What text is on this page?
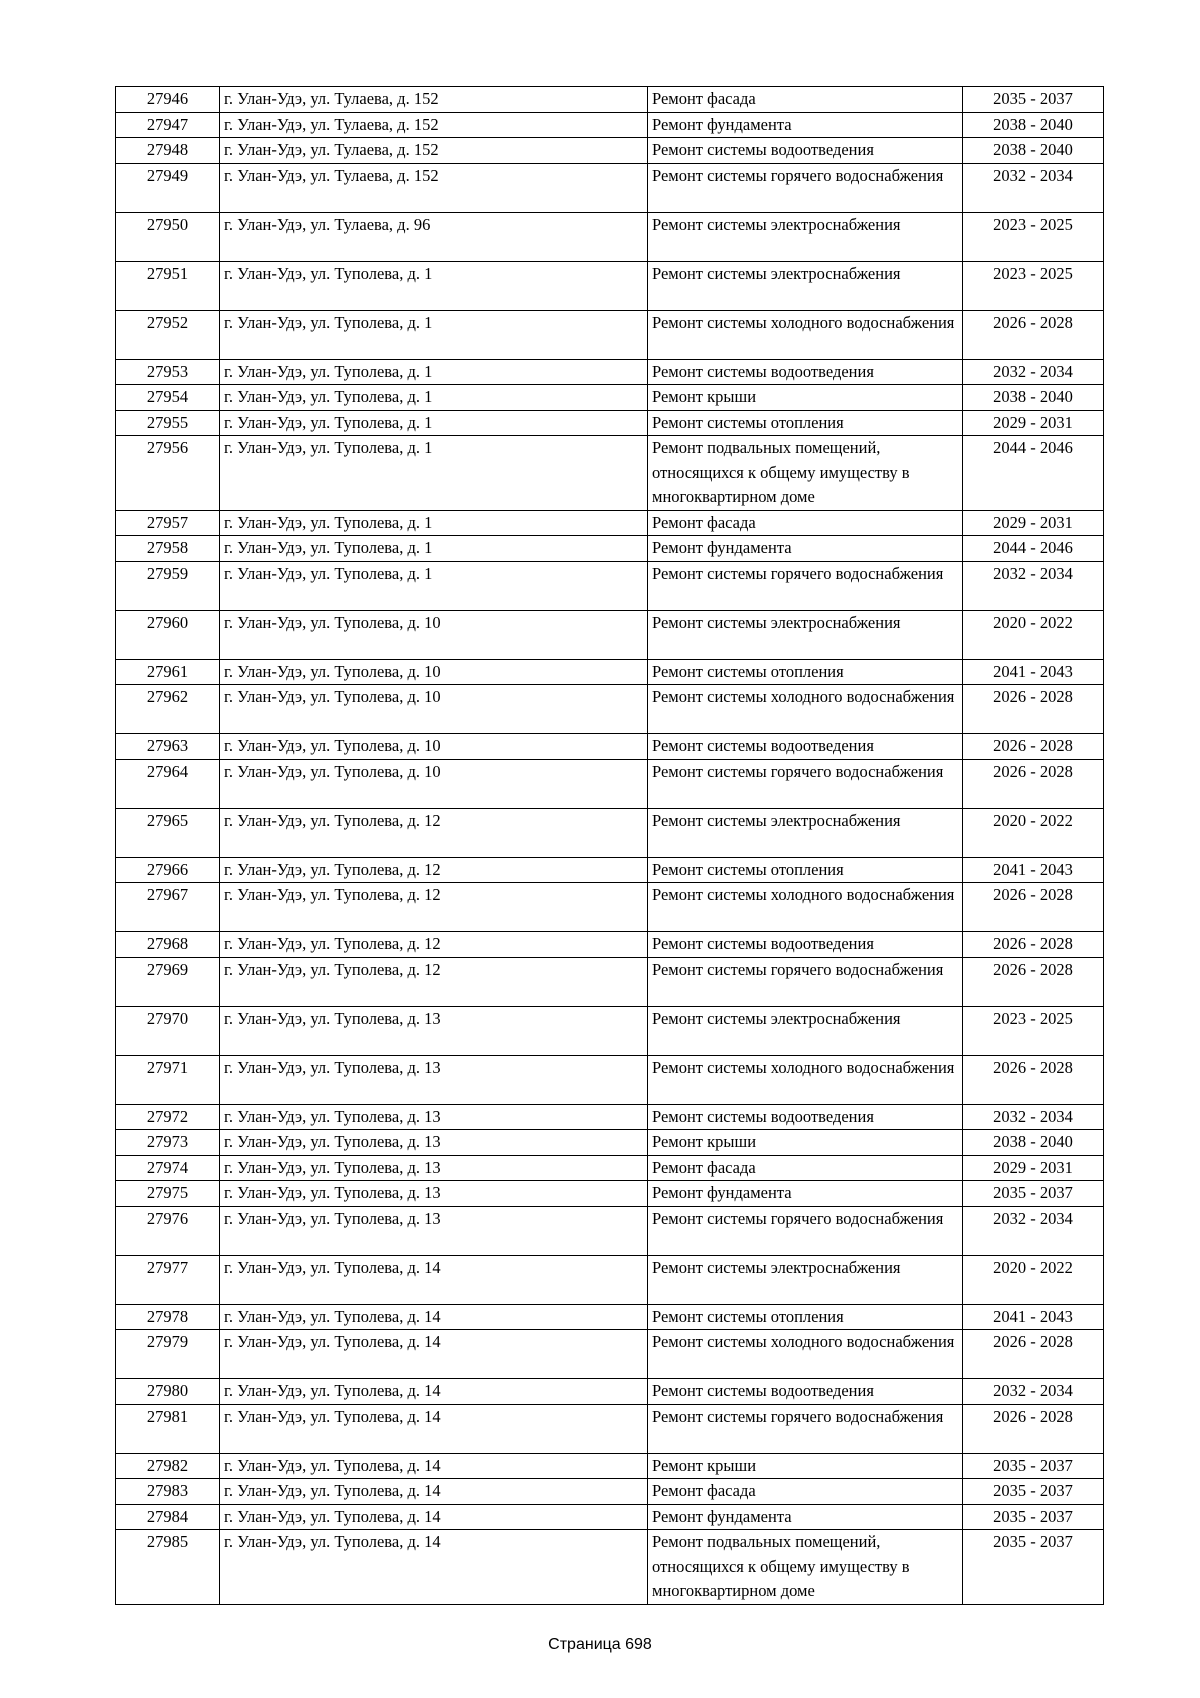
27946	г. Улан-Удэ, ул. Тулаева, д. 152	Ремонт фасада	2035 - 2037
27947	г. Улан-Удэ, ул. Тулаева, д. 152	Ремонт фундамента	2038 - 2040
27948	г. Улан-Удэ, ул. Тулаева, д. 152	Ремонт системы водоотведения	2038 - 2040
27949	г. Улан-Удэ, ул. Тулаева, д. 152	Ремонт системы горячего водоснабжения	2032 - 2034
27950	г. Улан-Удэ, ул. Тулаева, д. 96	Ремонт системы электроснабжения	2023 - 2025
27951	г. Улан-Удэ, ул. Туполева, д. 1	Ремонт системы электроснабжения	2023 - 2025
27952	г. Улан-Удэ, ул. Туполева, д. 1	Ремонт системы холодного водоснабжения	2026 - 2028
27953	г. Улан-Удэ, ул. Туполева, д. 1	Ремонт системы водоотведения	2032 - 2034
27954	г. Улан-Удэ, ул. Туполева, д. 1	Ремонт крыши	2038 - 2040
27955	г. Улан-Удэ, ул. Туполева, д. 1	Ремонт системы отопления	2029 - 2031
27956	г. Улан-Удэ, ул. Туполева, д. 1	Ремонт подвальных помещений, относящихся к общему имуществу в многоквартирном доме	2044 - 2046
27957	г. Улан-Удэ, ул. Туполева, д. 1	Ремонт фасада	2029 - 2031
27958	г. Улан-Удэ, ул. Туполева, д. 1	Ремонт фундамента	2044 - 2046
27959	г. Улан-Удэ, ул. Туполева, д. 1	Ремонт системы горячего водоснабжения	2032 - 2034
27960	г. Улан-Удэ, ул. Туполева, д. 10	Ремонт системы электроснабжения	2020 - 2022
27961	г. Улан-Удэ, ул. Туполева, д. 10	Ремонт системы отопления	2041 - 2043
27962	г. Улан-Удэ, ул. Туполева, д. 10	Ремонт системы холодного водоснабжения	2026 - 2028
27963	г. Улан-Удэ, ул. Туполева, д. 10	Ремонт системы водоотведения	2026 - 2028
27964	г. Улан-Удэ, ул. Туполева, д. 10	Ремонт системы горячего водоснабжения	2026 - 2028
27965	г. Улан-Удэ, ул. Туполева, д. 12	Ремонт системы электроснабжения	2020 - 2022
27966	г. Улан-Удэ, ул. Туполева, д. 12	Ремонт системы отопления	2041 - 2043
27967	г. Улан-Удэ, ул. Туполева, д. 12	Ремонт системы холодного водоснабжения	2026 - 2028
27968	г. Улан-Удэ, ул. Туполева, д. 12	Ремонт системы водоотведения	2026 - 2028
27969	г. Улан-Удэ, ул. Туполева, д. 12	Ремонт системы горячего водоснабжения	2026 - 2028
27970	г. Улан-Удэ, ул. Туполева, д. 13	Ремонт системы электроснабжения	2023 - 2025
27971	г. Улан-Удэ, ул. Туполева, д. 13	Ремонт системы холодного водоснабжения	2026 - 2028
27972	г. Улан-Удэ, ул. Туполева, д. 13	Ремонт системы водоотведения	2032 - 2034
27973	г. Улан-Удэ, ул. Туполева, д. 13	Ремонт крыши	2038 - 2040
27974	г. Улан-Удэ, ул. Туполева, д. 13	Ремонт фасада	2029 - 2031
27975	г. Улан-Удэ, ул. Туполева, д. 13	Ремонт фундамента	2035 - 2037
27976	г. Улан-Удэ, ул. Туполева, д. 13	Ремонт системы горячего водоснабжения	2032 - 2034
27977	г. Улан-Удэ, ул. Туполева, д. 14	Ремонт системы электроснабжения	2020 - 2022
27978	г. Улан-Удэ, ул. Туполева, д. 14	Ремонт системы отопления	2041 - 2043
27979	г. Улан-Удэ, ул. Туполева, д. 14	Ремонт системы холодного водоснабжения	2026 - 2028
27980	г. Улан-Удэ, ул. Туполева, д. 14	Ремонт системы водоотведения	2032 - 2034
27981	г. Улан-Удэ, ул. Туполева, д. 14	Ремонт системы горячего водоснабжения	2026 - 2028
27982	г. Улан-Удэ, ул. Туполева, д. 14	Ремонт крыши	2035 - 2037
27983	г. Улан-Удэ, ул. Туполева, д. 14	Ремонт фасада	2035 - 2037
27984	г. Улан-Удэ, ул. Туполева, д. 14	Ремонт фундамента	2035 - 2037
27985	г. Улан-Удэ, ул. Туполева, д. 14	Ремонт подвальных помещений, относящихся к общему имуществу в многоквартирном доме	2035 - 2037
Страница 698
